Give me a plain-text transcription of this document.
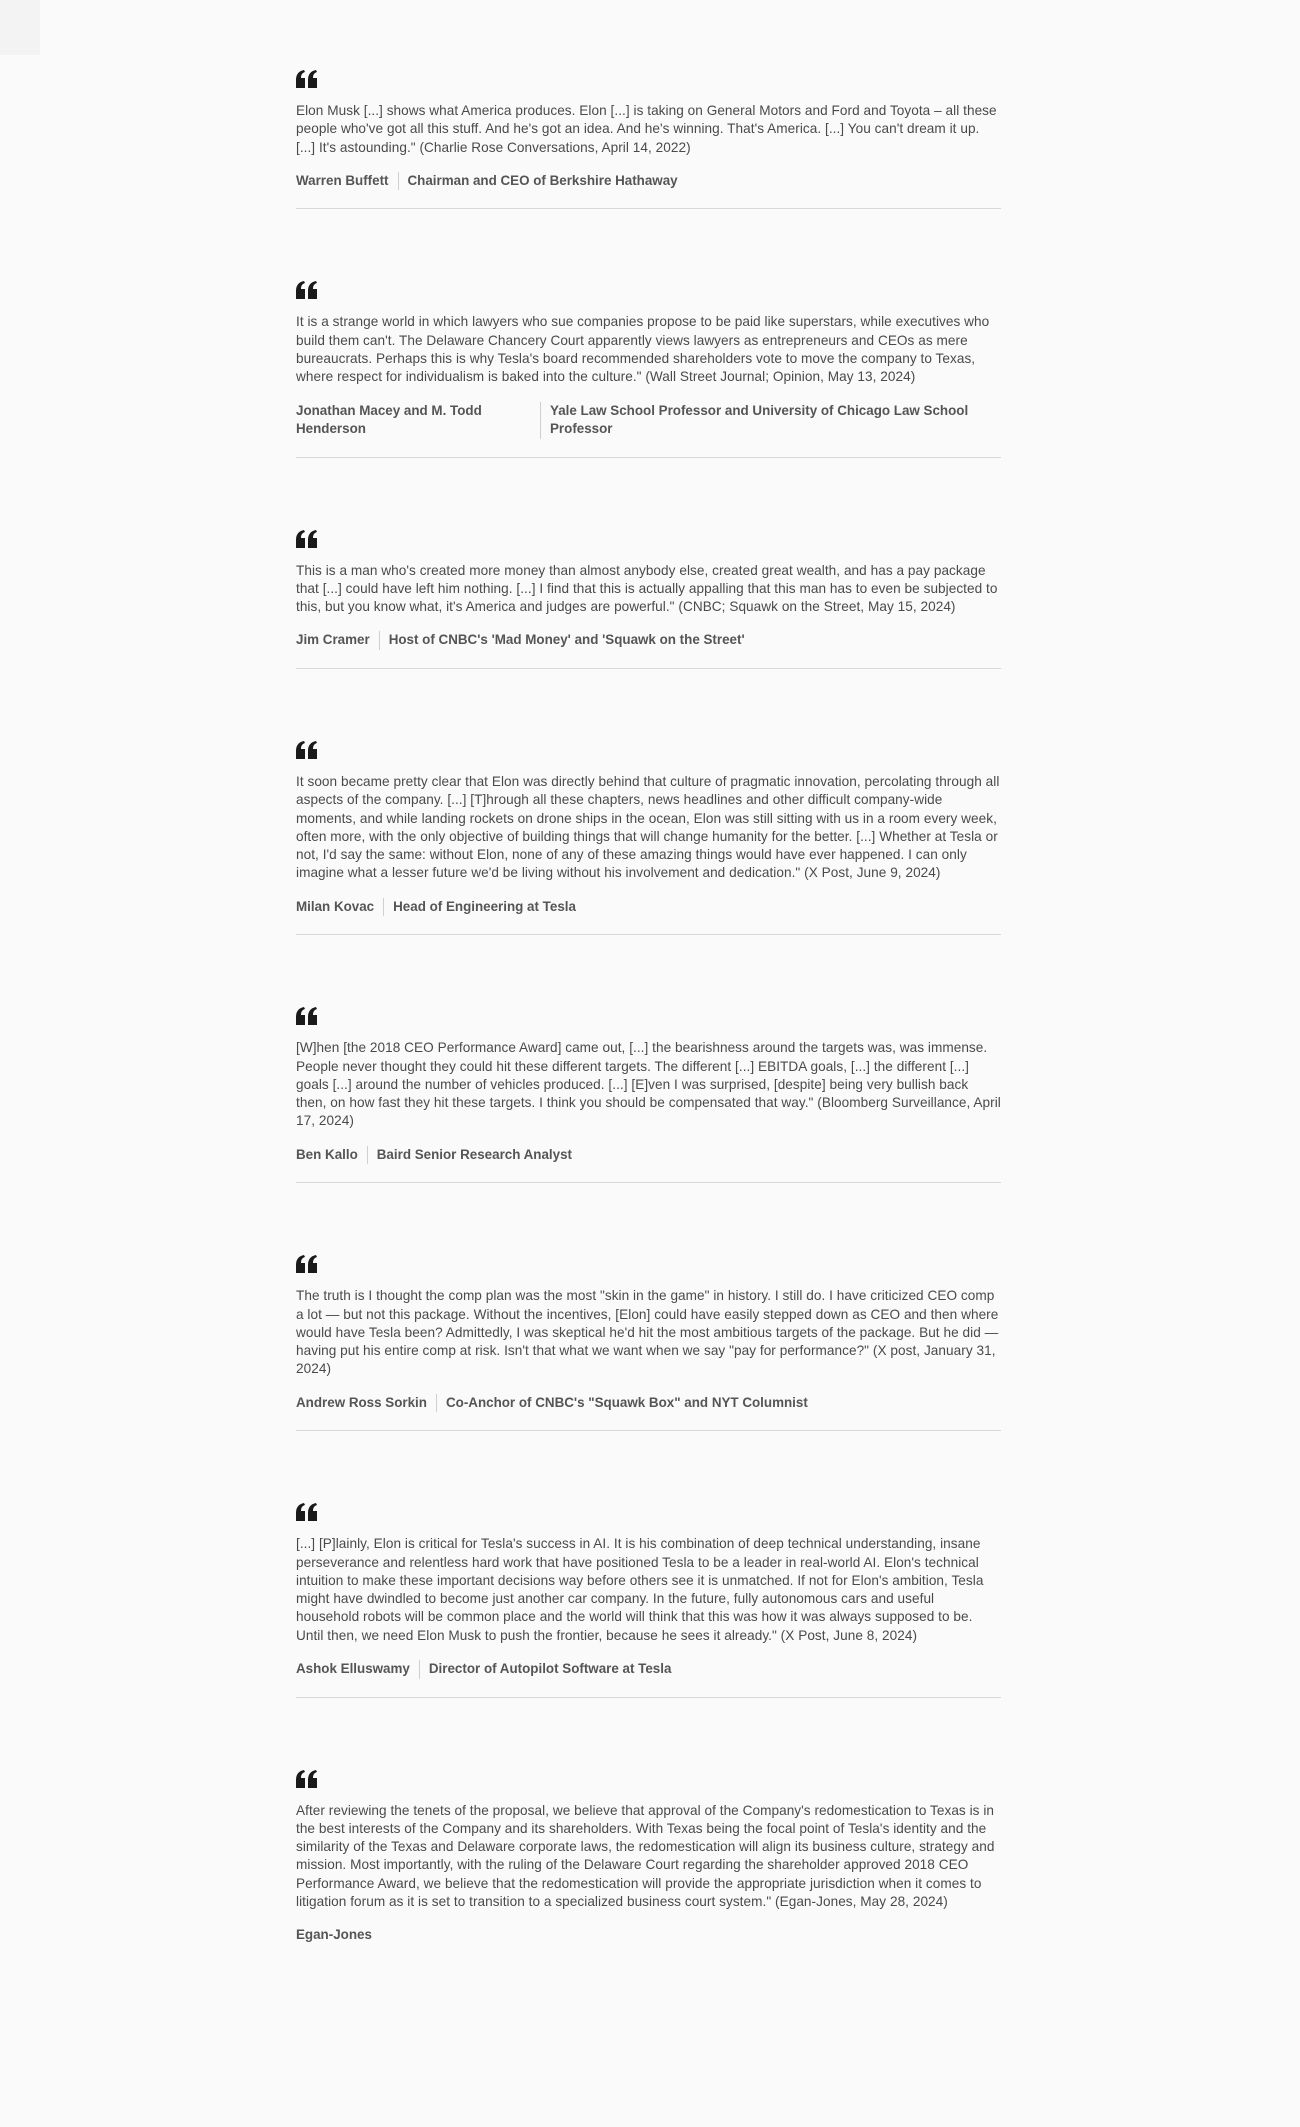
Elon Musk [...] shows what America produces. Elon [...] is taking on General Motors and Ford and Toyota – all these people who've got all this stuff. And he's got an idea. And he's winning. That's America. [...] You can't dream it up. [...] It's astounding." (Charlie Rose Conversations, April 14, 2022)

Warren Buffett	Chairman and CEO of Berkshire Hathaway

It is a strange world in which lawyers who sue companies propose to be paid like superstars, while executives who build them can't. The Delaware Chancery Court apparently views lawyers as entrepreneurs and CEOs as mere bureaucrats. Perhaps this is why Tesla's board recommended shareholders vote to move the company to Texas, where respect for individualism is baked into the culture." (Wall Street Journal; Opinion, May 13, 2024)

Jonathan Macey and M. Todd Henderson
Yale Law School Professor and University of Chicago Law School Professor

This is a man who's created more money than almost anybody else, created great wealth, and has a pay package that [...] could have left him nothing. [...] I find that this is actually appalling that this man has to even be subjected to this, but you know what, it's America and judges are powerful." (CNBC; Squawk on the Street, May 15, 2024)

Jim Cramer	Host of CNBC's 'Mad Money' and 'Squawk on the Street'

It soon became pretty clear that Elon was directly behind that culture of pragmatic innovation, percolating through all aspects of the company. [...] [T]hrough all these chapters, news headlines and other difficult company-wide moments, and while landing rockets on drone ships in the ocean, Elon was still sitting with us in a room every week, often more, with the only objective of building things that will change humanity for the better. [...] Whether at Tesla or not, I'd say the same: without Elon, none of any of these amazing things would have ever happened. I can only imagine what a lesser future we'd be living without his involvement and dedication." (X Post, June 9, 2024)

Milan Kovac	Head of Engineering at Tesla

[W]hen [the 2018 CEO Performance Award] came out, [...] the bearishness around the targets was, was immense. People never thought they could hit these different targets. The different [...] EBITDA goals, [...] the different [...] goals [...] around the number of vehicles produced. [...] [E]ven I was surprised, [despite] being very bullish back then, on how fast they hit these targets. I think you should be compensated that way." (Bloomberg Surveillance, April 17, 2024)

Ben Kallo	Baird Senior Research Analyst

The truth is I thought the comp plan was the most "skin in the game" in history. I still do. I have criticized CEO comp a lot — but not this package. Without the incentives, [Elon] could have easily stepped down as CEO and then where would have Tesla been? Admittedly, I was skeptical he'd hit the most ambitious targets of the package. But he did — having put his entire comp at risk. Isn't that what we want when we say "pay for performance?" (X post, January 31, 2024)

Andrew Ross Sorkin	Co-Anchor of CNBC's "Squawk Box" and NYT Columnist

[...] [P]lainly, Elon is critical for Tesla's success in AI. It is his combination of deep technical understanding, insane perseverance and relentless hard work that have positioned Tesla to be a leader in real-world AI. Elon's technical intuition to make these important decisions way before others see it is unmatched. If not for Elon's ambition, Tesla might have dwindled to become just another car company. In the future, fully autonomous cars and useful household robots will be common place and the world will think that this was how it was always supposed to be. Until then, we need Elon Musk to push the frontier, because he sees it already." (X Post, June 8, 2024)

Ashok Elluswamy	Director of Autopilot Software at Tesla

After reviewing the tenets of the proposal, we believe that approval of the Company's redomestication to Texas is in the best interests of the Company and its shareholders. With Texas being the focal point of Tesla's identity and the similarity of the Texas and Delaware corporate laws, the redomestication will align its business culture, strategy and mission. Most importantly, with the ruling of the Delaware Court regarding the shareholder approved 2018 CEO Performance Award, we believe that the redomestication will provide the appropriate jurisdiction when it comes to litigation forum as it is set to transition to a specialized business court system." (Egan-Jones, May 28, 2024)

Egan-Jones
